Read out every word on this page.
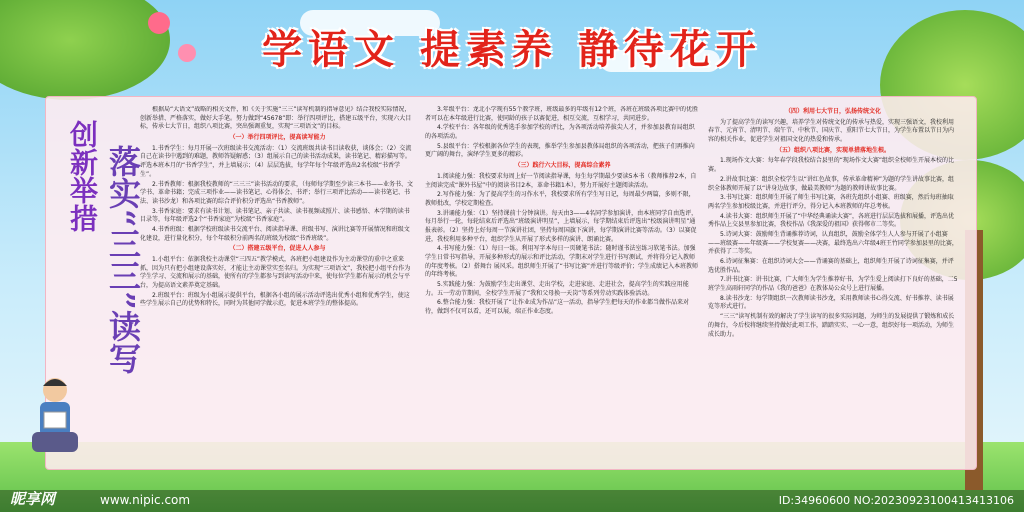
学语文 提素养 静待花开
创新举措 落实“三三”读写
根据局“大语文”战略的相关文件，和《关于实施“三三”读写机制的指导意见》结合我校实际情况，创新举措、严格落实，做好大手笔。努力做到“45678”即：举行四项评比，搭建五级平台，实现六大目标，传承七大节日，组织八项比赛，突出强调重复，实现“三项语文”的目标。
（一）举行四项评比，提高读写能力
1.书香学生：每月开展一次班级读书交流活动：（1）交流班级共读书目读收获，谈体会；（2）交流自己在读书中遇到的难题，教师答疑解惑；（3）组展示自己的读书活动成果，读书笔记、精彩描写等。评选本班本月的“书香学生”，并上墙展示；（4）层层选拔，每学年每个年级评选出2名校级“书香学生”。
2.书香教师：根据我校教师的“三三三”读书活动的要求，（每师每学期至少读三本书——业务书、文学书、革命书籍；完成三项作业——读书笔记、心得体会、书评；举行三项评比活动——读书笔记、书法、读书沙龙）和各项比赛的综合评价积分评选出“书香教师”。
3.书香家庭：要求有读书计划、读书笔记、亲子共读、读书视频或照片、读书感悟、本学期的读书目录等，每年级评选2个“书香家庭”为校级“书香家庭”。
4.书香班级：根据学校班级读书交流平台、阅读指导课、班级书写、演讲比赛等开展情况和班级文化建设，进行量化积分，每个年级积分前两名的班级为校级“书香班级”。
（二）搭建五级平台，促进人人参与
1.小组平台：依据我校主动课堂“三四五”教学模式，各班把小组建设作为主动课堂的重中之重来抓，因为只有把小组建设落实好，才能让主动课堂实至名归。为实现“三项语文”，我校把小组平台作为学生学习、交流和展示的基础，使所有的学生都参与到读写活动中来，使每位学生都有展示的机会与平台，为提高语文素养奠定基础。
2.班级平台：班级为小组展示提供平台，根据各小组的展示活动评选出优秀小组和优秀学生，使这些学生展示自己的优势和特长，同时为其他同学做示范，促进本班学生的整体提高。
3.年级平台：龙北小学现有55个教学班，班级最多的年级有12个班，各班在班级各项比赛中的优胜者可以在本年级进行比赛，使同龄的孩子以赛促进，相互交流，互相学习，共同进步。
4.学校平台：各年级的优秀选手参加学校的评比，为各项活动培养拔尖人才，并参加县教育局组织的各项活动。
5.县级平台：学校根据各位学生的表现，推举学生参加县教体局组织的各项活动，把孩子们再推向更广阔的舞台，演绎学生更多的精彩。
（三）践行六大目标，提高综合素养
1.阅读能力强：我校要求每周上好一节阅读指导课，每生每学期最少要读5本书（教师推荐2本，自主阅读完成“课外书屋”中的阅读书目2本，革命书籍1本），努力开展好主题阅读活动。
2.写作能力强：为了提高学生的习作水平，我校要求所有学生写日记，每周最少两篇，多则不限，教师批改，学校定期检查。
3.讲诵能力强：（1）坚持课前十分钟演讲。每天由3——4名同学参加演讲，由本班同学自由选评，每月举行一轮，每轮结束后评选出“班级演讲明星”，上墙展示，每学期结束后评选出“校级演讲明星”通报表彰。（2）坚持上好每周一节演讲社团，坚持每周国旗下演讲，每学期演讲比赛等活动。（3）以赛促进，我校利用多种平台，组织学生从开展了形式多样的演讲、朗诵比赛。
4.书写能力强：（1）每日一练。利用写字本每日一页硬笔书法；随时谨书法室练习软笔书法。加强学生日常书写指导，开展多种形式的展示和评比活动，学期末对学生进行书写测试，并将得分记入教师的年度考核。（2）搭舞台 展风采。组织师生开展了“书写比赛”并进行等级评价；学生成绩记入本班教师的年终考核。
5.实践能力强：为鼓励学生走出课堂、走出学校，走进家庭、走进社会，提高学生的实践应用能力。五一劳动节期间，全校学生开展了“我和父母换一天岗”等系列劳动实践体验活动。
6.整合能力强：我校开展了“让作业成为作品”这一活动，指导学生把每天的作业都当做作品来对待，做到不仅可以看，还可以展，端正作业态度。
（四）利用七大节日，弘扬传统文化
为了提高学生的读写兴趣，培养学生对传统文化的传承与热爱，实现三强语文，我校利用春节、元宵节、清明节、端午节、中秋节、国庆节、重阳节七大节日，为学生布置以节日为内容的相关作业，促进学生对祖国文化的热爱和传承。
（五）组织八项比赛，实现单措落地生根。
1.现场作文大赛：每年春学段我校结合县里的“现场作文大赛”组织全校师生开展本校的比赛。
2.讲故事比赛：组织全校学生以“讲红色故事，传承革命精神”为题的学生讲故事比赛，组织全体教师开展了以“讲身边故事，做最美教师”为题的教师讲故事比赛。
3.书写比赛：组织师生开展了师生书写比赛，各班先组织小组赛、班级赛，然后每班抽取两名学生参加校级比赛，并进行评分，得分记入本班教师的年总考核。
4.读书大赛：组织师生开展了“中华经典诵读大赛”，各班进行层层选拔和展播，评选出优秀作品上交县里参加比赛，我校作品《我深爱的祖国》获得郸市二等奖。
5.诗词大赛：鼓励师生背诵推荐诗词，认真组织，鼓励全体学生人人参与开展了小组赛——班级赛——年级赛——学校复赛——决赛，最终选出六年级4班王竹同学参加县里的比赛，并获得了二等奖。
6.诗词征集赛：在组织诗词大会——背诵赛的基础上，组织师生开展了诗词征集赛，并评选优胜作品。
7.讲书比赛：讲书比赛，广大师生为学生推荐好书，为学生爱上阅读打下良好的基础，二5班学生高雨轩同学的作品《我的爸爸》在教体局公众号上进行展播。
8.读书沙龙：每学期组织一次教师读书沙龙，采用教师读书心得交流、好书推荐、读书展览等形式进行。
“三三”读写机制有效的解决了学生读写的很多实际问题，为师生的发展提供了锻炼和成长的舞台，今后校将继续坚持做好此项工作，踏踏实实、一心一意，组织好每一项活动，为师生成长助力。
昵享网	www.nipic.com	ID:34960600 NO:20230923100413413106
